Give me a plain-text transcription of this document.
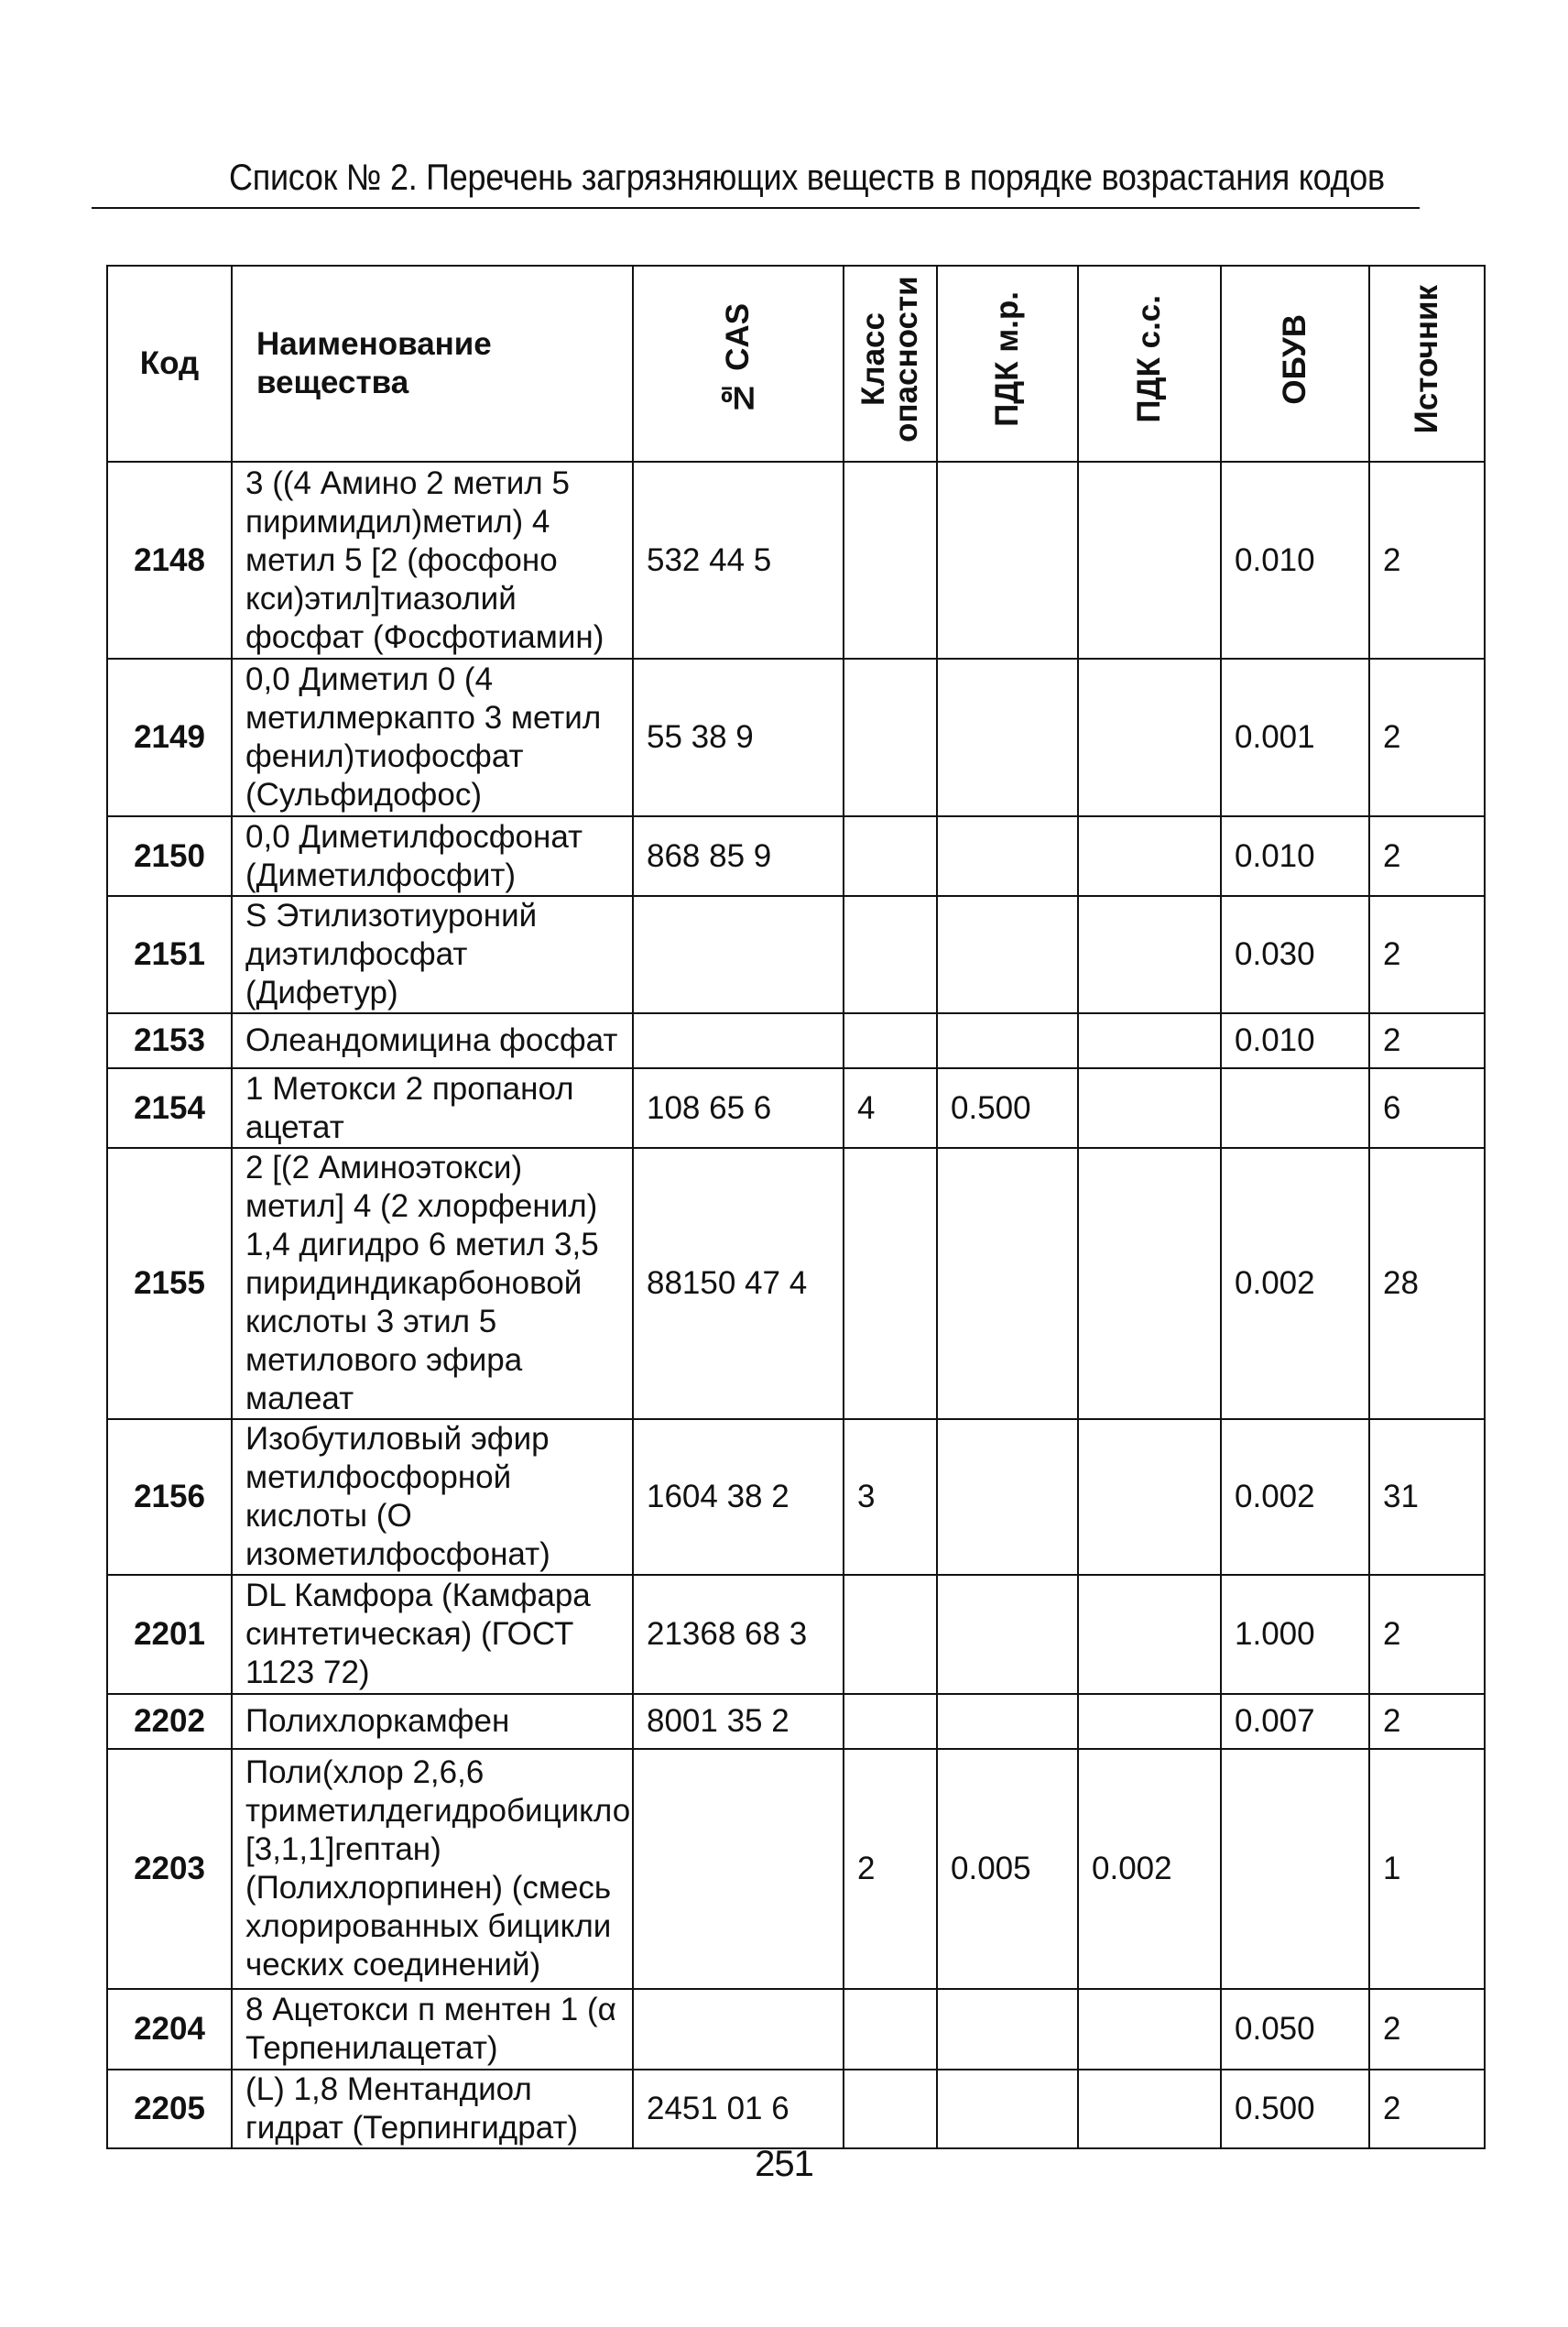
Список № 2. Перечень загрязняющих веществ в порядке возрастания кодов
Код	Наименование вещества	№ CAS	Класс опасности	ПДК м.р.	ПДК с.с.	ОБУВ	Источник
2148	3 ((4 Амино 2 метил 5 пиримидил)метил) 4 метил 5 [2 (фосфоно кси)этил]тиазолий фосфат (Фосфотиамин)	532 44 5				0.010	2
2149	0,0 Диметил 0 (4 метилмеркапто 3 метил фенил)тиофосфат (Сульфидофос)	55 38 9				0.001	2
2150	0,0 Диметилфосфонат (Диметилфосфит)	868 85 9				0.010	2
2151	S Этилизотиуроний диэтилфосфат (Дифетур)					0.030	2
2153	Олеандомицина фосфат					0.010	2
2154	1 Метокси 2 пропанол ацетат	108 65 6	4	0.500			6
2155	2 [(2 Аминоэтокси) метил] 4 (2 хлорфенил) 1,4 дигидро 6 метил 3,5 пиридиндикарбоновой кислоты 3 этил 5 метилового эфира малеат	88150 47 4				0.002	28
2156	Изобутиловый эфир метилфосфорной кислоты (О изометилфосфонат)	1604 38 2	3			0.002	31
2201	DL Камфора (Камфара синтетическая) (ГОСТ 1123 72)	21368 68 3				1.000	2
2202	Полихлоркамфен	8001 35 2				0.007	2
2203	Поли(хлор 2,6,6 триметилдегидробицикло [3,1,1]гептан) (Полихлорпинен) (смесь хлорированных бицикли ческих соединений)		2	0.005	0.002		1
2204	8 Ацетокси п ментен 1 (α Терпенилацетат)					0.050	2
2205	(L) 1,8 Ментандиол гидрат (Терпингидрат)	2451 01 6				0.500	2
251
